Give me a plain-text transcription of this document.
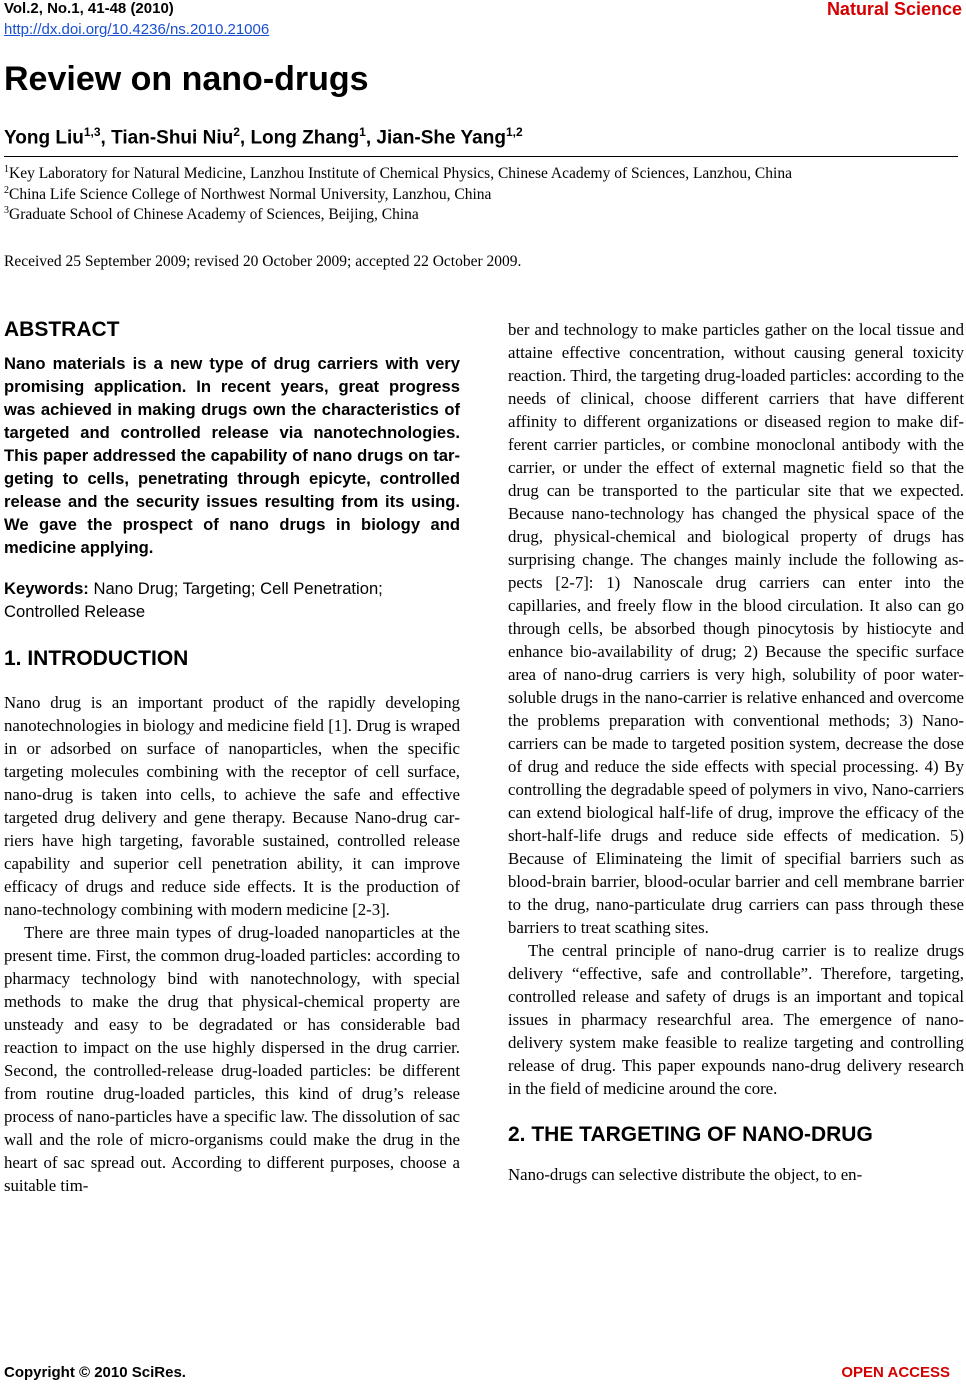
Vol.2, No.1, 41-48 (2010)
http://dx.doi.org/10.4236/ns.2010.21006
Natural Science
Review on nano-drugs
Yong Liu$^{1,3}$, Tian-Shui Niu$^2$, Long Zhang$^1$, Jian-She Yang$^{1,2}$
$^1$Key Laboratory for Natural Medicine, Lanzhou Institute of Chemical Physics, Chinese Academy of Sciences, Lanzhou, China
$^2$China Life Science College of Northwest Normal University, Lanzhou, China
$^3$Graduate School of Chinese Academy of Sciences, Beijing, China
Received 25 September 2009; revised 20 October 2009; accepted 22 October 2009.
ABSTRACT

Nano materials is a new type of drug carriers with very promising application. In recent years, great progress was achieved in making drugs own the characteristics of targeted and controlled release via nanotechnologies. This paper addressed the capability of nano drugs on targeting to cells, penetrating through epicyte, controlled release and the security issues resulting from its using. We gave the prospect of nano drugs in biology and medicine applying.

Keywords: Nano Drug; Targeting; Cell Penetration; Controlled Release

1. INTRODUCTION

Nano drug is an important product of the rapidly developing nanotechnologies in biology and medicine field [1]. Drug is wraped in or adsorbed on surface of nanoparticles, when the specific targeting molecules combining with the receptor of cell surface, nano-drug is taken into cells, to achieve the safe and effective targeted drug delivery and gene therapy. Because Nano-drug carriers have high targeting, favorable sustained, controlled release capability and superior cell penetration ability, it can improve efficacy of drugs and reduce side effects. It is the production of nano-technology combining with modern medicine [2-3].

There are three main types of drug-loaded nanoparticles at the present time. First, the common drug-loaded particles: according to pharmacy technology bind with nanotechnology, with special methods to make the drug that physical-chemical property are unsteady and easy to be degradated or has considerable bad reaction to impact on the use highly dispersed in the drug carrier. Second, the controlled-release drug-loaded particles: be different from routine drug-loaded particles, this kind of drug’s release process of nano-particles have a specific law. The dissolution of sac wall and the role of micro-organisms could make the drug in the heart of sac spread out. According to different purposes, choose a suitable tim-

ber and technology to make particles gather on the local tissue and attaine effective concentration, without causing general toxicity reaction. Third, the targeting drug-loaded particles: according to the needs of clinical, choose different carriers that have different affinity to different organizations or diseased region to make different carrier particles, or combine monoclonal antibody with the carrier, or under the effect of external magnetic field so that the drug can be transported to the particular site that we expected. Because nano-technology has changed the physical space of the drug, physical-chemical and biological property of drugs has surprising change. The changes mainly include the following aspects [2-7]: 1) Nanoscale drug carriers can enter into the capillaries, and freely flow in the blood circulation. It also can go through cells, be absorbed though pinocytosis by histiocyte and enhance bio-availability of drug; 2) Because the specific surface area of nano-drug carriers is very high, solubility of poor water-soluble drugs in the nano-carrier is relative enhanced and overcome the problems preparation with conventional methods; 3) Nano-carriers can be made to targeted position system, decrease the dose of drug and reduce the side effects with special processing. 4) By controlling the degradable speed of polymers in vivo, Nano-carriers can extend biological half-life of drug, improve the efficacy of the short-half-life drugs and reduce side effects of medication. 5) Because of Eliminateing the limit of specifial barriers such as blood-brain barrier, blood-ocular barrier and cell membrane barrier to the drug, nano-particulate drug carriers can pass through these barriers to treat scathing sites.

The central principle of nano-drug carrier is to realize drugs delivery “effective, safe and controllable”. Therefore, targeting, controlled release and safety of drugs is an important and topical issues in pharmacy researchful area. The emergence of nano-delivery system make feasible to realize targeting and controlling release of drug. This paper expounds nano-drug delivery research in the field of medicine around the core.

2. THE TARGETING OF NANO-DRUG

Nano-drugs can selective distribute the object, to en-

Copyright © 2010 SciRes.	OPEN ACCESS
